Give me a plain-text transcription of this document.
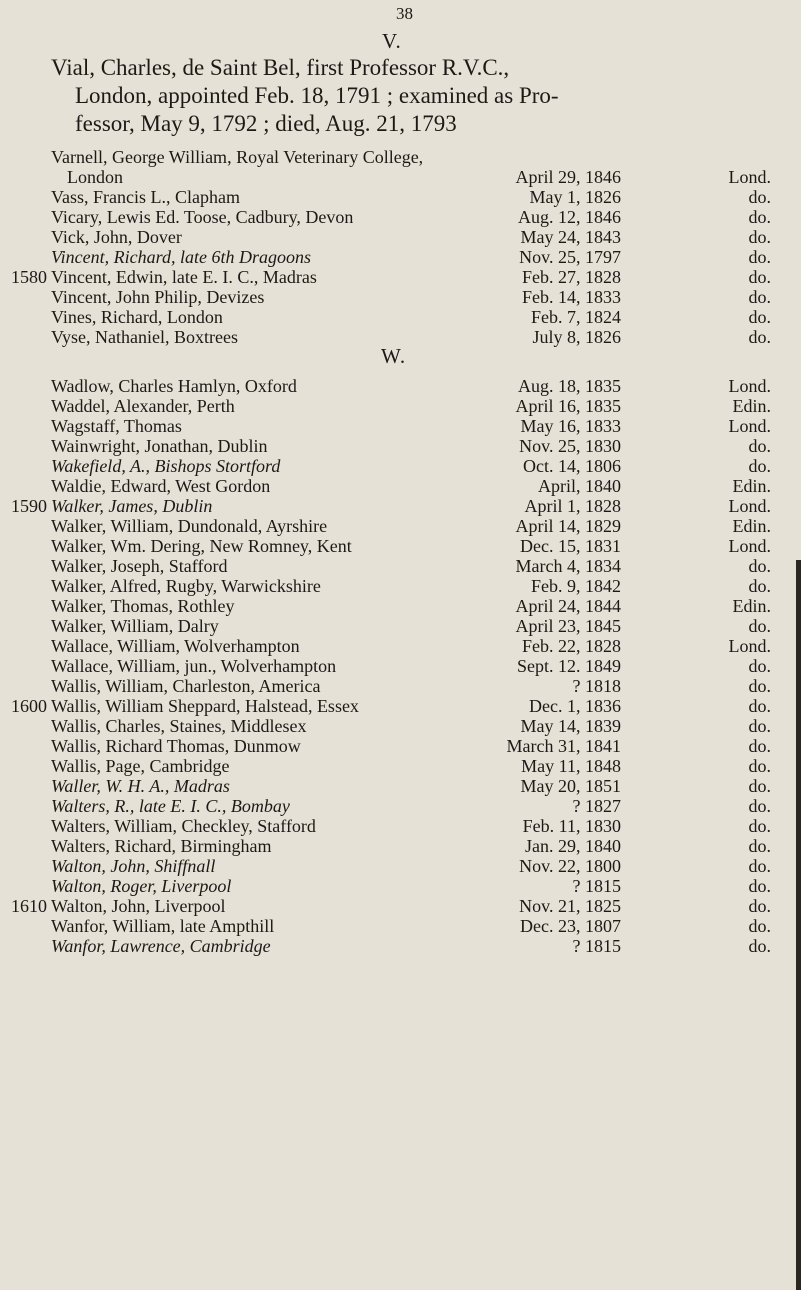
38
V.
Vial, Charles, de Saint Bel, first Professor R.V.C.,
London, appointed Feb. 18, 1791 ; examined as Pro-
fessor, May 9, 1792 ; died, Aug. 21, 1793
Varnell, George William, Royal Veterinary College,
London	April 29, 1846	Lond.
Vass, Francis L., Clapham	May 1, 1826	do.
Vicary, Lewis Ed. Toose, Cadbury, Devon	Aug. 12, 1846	do.
Vick, John, Dover	May 24, 1843	do.
Vincent, Richard, late 6th Dragoons	Nov. 25, 1797	do.
1580 Vincent, Edwin, late E. I. C., Madras	Feb. 27, 1828	do.
Vincent, John Philip, Devizes	Feb. 14, 1833	do.
Vines, Richard, London	Feb. 7, 1824	do.
Vyse, Nathaniel, Boxtrees	July 8, 1826	do.
W.
Wadlow, Charles Hamlyn, Oxford	Aug. 18, 1835	Lond.
Waddel, Alexander, Perth	April 16, 1835	Edin.
Wagstaff, Thomas	May 16, 1833	Lond.
Wainwright, Jonathan, Dublin	Nov. 25, 1830	do.
Wakefield, A., Bishops Stortford	Oct. 14, 1806	do.
Waldie, Edward, West Gordon	April, 1840	Edin.
1590 Walker, James, Dublin	April 1, 1828	Lond.
Walker, William, Dundonald, Ayrshire	April 14, 1829	Edin.
Walker, Wm. Dering, New Romney, Kent	Dec. 15, 1831	Lond.
Walker, Joseph, Stafford	March 4, 1834	do.
Walker, Alfred, Rugby, Warwickshire	Feb. 9, 1842	do.
Walker, Thomas, Rothley	April 24, 1844	Edin.
Walker, William, Dalry	April 23, 1845	do.
Wallace, William, Wolverhampton	Feb. 22, 1828	Lond.
Wallace, William, jun., Wolverhampton	Sept. 12. 1849	do.
Wallis, William, Charleston, America	? 1818	do.
1600 Wallis, William Sheppard, Halstead, Essex	Dec. 1, 1836	do.
Wallis, Charles, Staines, Middlesex	May 14, 1839	do.
Wallis, Richard Thomas, Dunmow	March 31, 1841	do.
Wallis, Page, Cambridge	May 11, 1848	do.
Waller, W. H. A., Madras	May 20, 1851	do.
Walters, R., late E. I. C., Bombay	? 1827	do.
Walters, William, Checkley, Stafford	Feb. 11, 1830	do.
Walters, Richard, Birmingham	Jan. 29, 1840	do.
Walton, John, Shiffnall	Nov. 22, 1800	do.
Walton, Roger, Liverpool	? 1815	do.
1610 Walton, John, Liverpool	Nov. 21, 1825	do.
Wanfor, William, late Ampthill	Dec. 23, 1807	do.
Wanfor, Lawrence, Cambridge	? 1815	do.
